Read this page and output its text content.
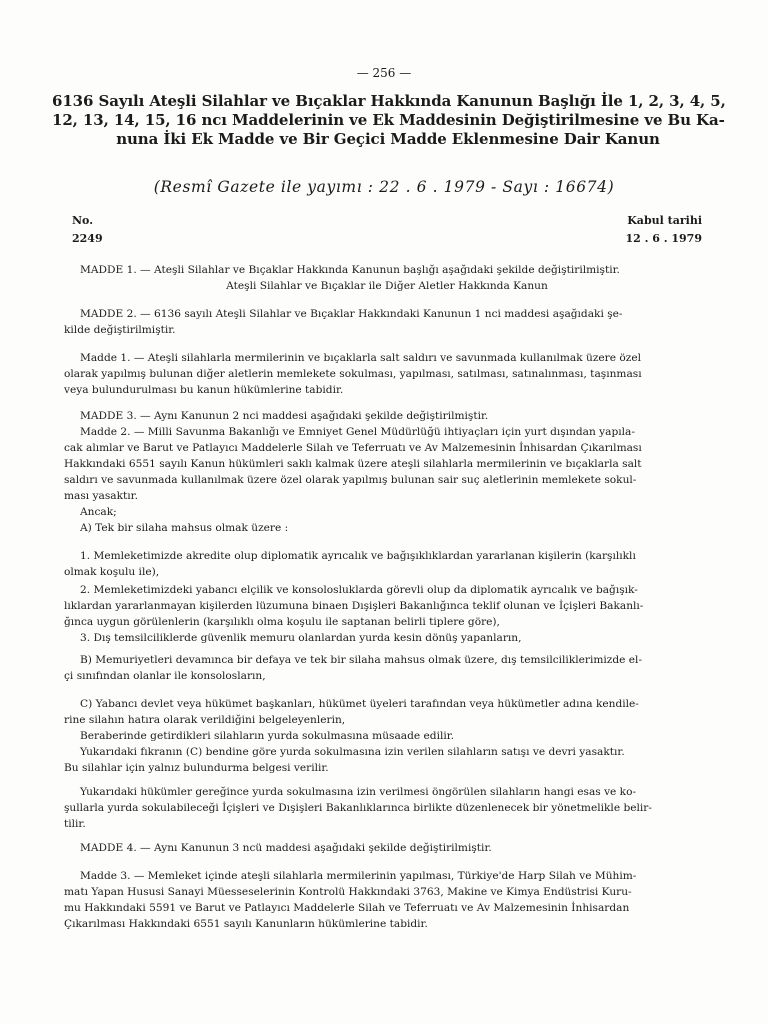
— 256 —
6136 Sayılı Ateşli Silahlar ve Bıçaklar Hakkında Kanunun Başlığı İle 1, 2, 3, 4, 5,
12, 13, 14, 15, 16 ncı Maddelerinin ve Ek Maddesinin Değiştirilmesine ve Bu Ka-
nuna İki Ek Madde ve Bir Geçici Madde Eklenmesine Dair Kanun
(Resmî Gazete ile yayımı : 22 . 6 . 1979 - Sayı : 16674)
No.
2249
Kabul tarihi
12 . 6 . 1979
MADDE 1. — Ateşli Silahlar ve Bıçaklar Hakkında Kanunun başlığı aşağıdaki şekilde değiştirilmiştir.
Ateşli Silahlar ve Bıçaklar ile Diğer Aletler Hakkında Kanun
MADDE 2. — 6136 sayılı Ateşli Silahlar ve Bıçaklar Hakkındaki Kanunun 1 nci maddesi aşağıdaki şe-
kilde değiştirilmiştir.
Madde 1. — Ateşli silahlarla mermilerinin ve bıçaklarla salt saldırı ve savunmada kullanılmak üzere özel
olarak yapılmış bulunan diğer aletlerin memlekete sokulması, yapılması, satılması, satınalınması, taşınması
veya bulundurulması bu kanun hükümlerine tabidir.
MADDE 3. — Aynı Kanunun 2 nci maddesi aşağıdaki şekilde değiştirilmiştir.
Madde 2. — Milli Savunma Bakanlığı ve Emniyet Genel Müdürlüğü ihtiyaçları için yurt dışından yapıla-
cak alımlar ve Barut ve Patlayıcı Maddelerle Silah ve Teferruatı ve Av Malzemesinin İnhisardan Çıkarılması
Hakkındaki 6551 sayılı Kanun hükümleri saklı kalmak üzere ateşli silahlarla mermilerinin ve bıçaklarla salt
saldırı ve savunmada kullanılmak üzere özel olarak yapılmış bulunan sair suç aletlerinin memlekete sokul-
ması yasaktır.
Ancak;
A) Tek bir silaha mahsus olmak üzere :
1. Memleketimizde akredite olup diplomatik ayrıcalık ve bağışıklıklardan yararlanan kişilerin (karşılıklı
olmak koşulu ile),
2. Memleketimizdeki yabancı elçilik ve konsolosluklarda görevli olup da diplomatik ayrıcalık ve bağışık-
lıklardan yararlanmayan kişilerden lüzumuna binaen Dışişleri Bakanlığınca teklif olunan ve İçişleri Bakanlı-
ğınca uygun görülenlerin (karşılıklı olma koşulu ile saptanan belirli tiplere göre),
3. Dış temsilciliklerde güvenlik memuru olanlardan yurda kesin dönüş yapanların,
B) Memuriyetleri devamınca bir defaya ve tek bir silaha mahsus olmak üzere, dış temsilciliklerimizde el-
çi sınıfından olanlar ile konsolosların,
C) Yabancı devlet veya hükümet başkanları, hükümet üyeleri tarafından veya hükümetler adına kendile-
rine silahın hatıra olarak verildiğini belgeleyenlerin,
Beraberinde getirdikleri silahların yurda sokulmasına müsaade edilir.
Yukarıdaki fıkranın (C) bendine göre yurda sokulmasına izin verilen silahların satışı ve devri yasaktır.
Bu silahlar için yalnız bulundurma belgesi verilir.
Yukarıdaki hükümler gereğince yurda sokulmasına izin verilmesi öngörülen silahların hangi esas ve ko-
şullarla yurda sokulabileceği İçişleri ve Dışişleri Bakanlıklarınca birlikte düzenlenecek bir yönetmelikle belir-
tilir.
MADDE 4. — Aynı Kanunun 3 ncü maddesi aşağıdaki şekilde değiştirilmiştir.
Madde 3. — Memleket içinde ateşli silahlarla mermilerinin yapılması, Türkiye'de Harp Silah ve Mühim-
matı Yapan Hususi Sanayi Müesseselerinin Kontrolü Hakkındaki 3763, Makine ve Kimya Endüstrisi Kuru-
mu Hakkındaki 5591 ve Barut ve Patlayıcı Maddelerle Silah ve Teferruatı ve Av Malzemesinin İnhisardan
Çıkarılması Hakkındaki 6551 sayılı Kanunların hükümlerine tabidir.
